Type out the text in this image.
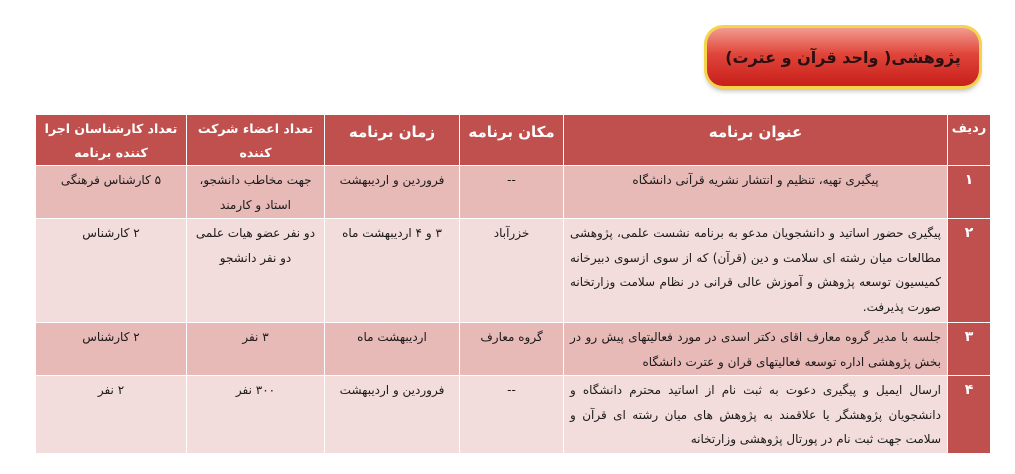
پژوهشی( واحد قرآن و عترت)
ردیف	عنوان برنامه	مکان برنامه	زمان برنامه	تعداد اعضاء شرکت کننده	تعداد کارشناسان اجرا کننده برنامه
۱	پیگیری تهیه، تنظیم و انتشار نشریه قرآنی دانشگاه	--	فروردین و اردیبهشت	جهت مخاطب دانشجو، استاد و کارمند	۵ کارشناس فرهنگی
۲	پیگیری حضور اساتید و دانشجویان مدعو به برنامه نشست علمی، پژوهشی مطالعات میان رشته ای سلامت و دین (قرآن) که از سوی ازسوی دبیرخانه کمیسیون توسعه پژوهش و آموزش عالی قرانی در نظام سلامت وزارتخانه صورت پذیرفت.	خزرآباد	۳ و ۴ اردیبهشت ماه	دو نفر عضو هیات علمی دو نفر دانشجو	۲ کارشناس
۳	جلسه با مدیر گروه معارف اقای دکتر اسدی در مورد فعالیتهای پیش رو در بخش پژوهشی اداره توسعه فعالیتهای قران و عترت دانشگاه	گروه معارف	اردیبهشت ماه	۳ نفر	۲ کارشناس
۴	ارسال ایمیل و پیگیری دعوت به ثبت نام از اساتید محترم دانشگاه و دانشجویان پژوهشگر یا علاقمند به پژوهش های میان رشته ای قرآن و سلامت جهت ثبت نام در پورتال پژوهشی وزارتخانه	--	فروردین و اردیبهشت	۳۰۰ نفر	۲ نفر
